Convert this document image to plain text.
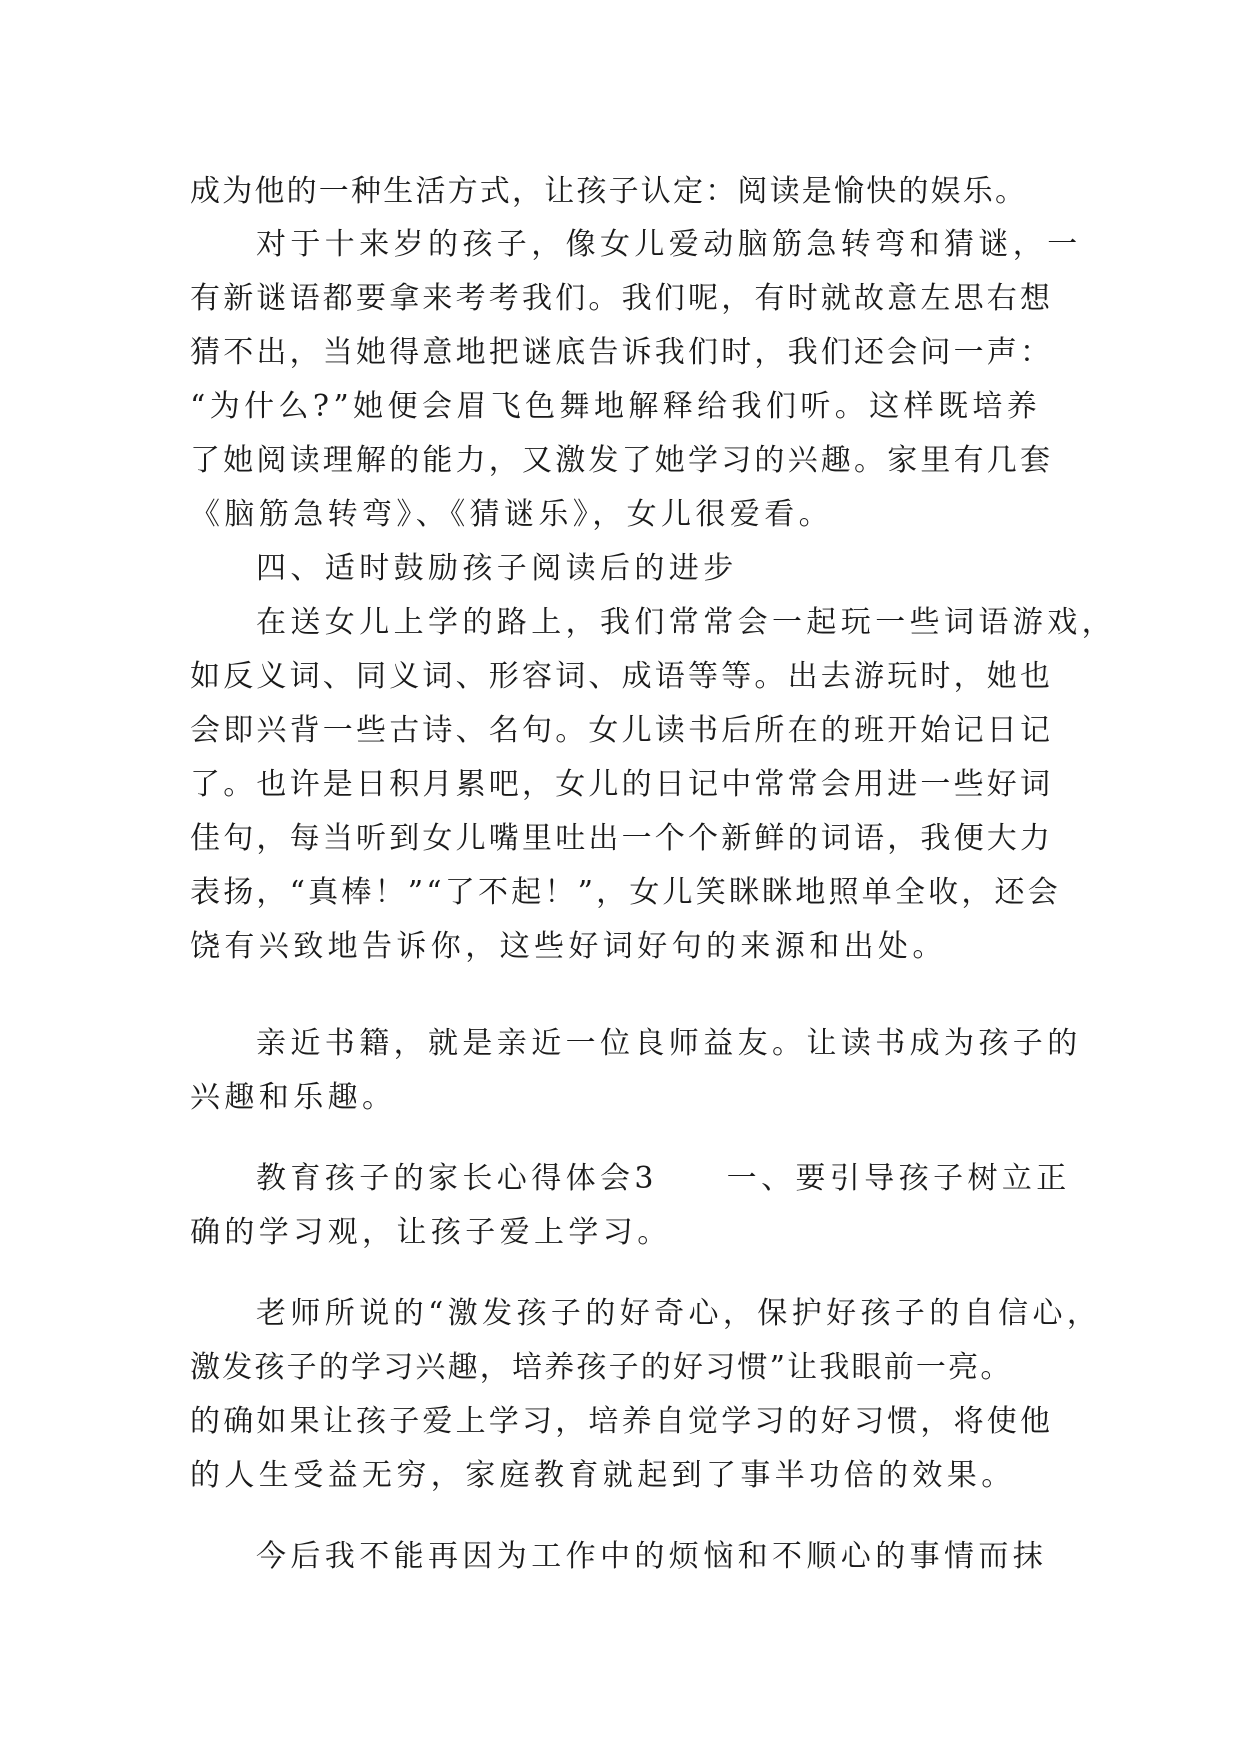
成为他的一种生活方式，让孩子认定：阅读是愉快的娱乐。
对于十来岁的孩子，像女儿爱动脑筋急转弯和猜谜，一
有新谜语都要拿来考考我们。我们呢，有时就故意左思右想
猜不出，当她得意地把谜底告诉我们时，我们还会问一声：
“为什么?”她便会眉飞色舞地解释给我们听。这样既培养
了她阅读理解的能力，又激发了她学习的兴趣。家里有几套
《脑筋急转弯》、《猜谜乐》，女儿很爱看。
四、适时鼓励孩子阅读后的进步
在送女儿上学的路上，我们常常会一起玩一些词语游戏，
如反义词、同义词、形容词、成语等等。出去游玩时，她也
会即兴背一些古诗、名句。女儿读书后所在的班开始记日记
了。也许是日积月累吧，女儿的日记中常常会用进一些好词
佳句，每当听到女儿嘴里吐出一个个新鲜的词语，我便大力
表扬，“真棒！”“了不起！”，女儿笑眯眯地照单全收，还会
饶有兴致地告诉你，这些好词好句的来源和出处。
亲近书籍，就是亲近一位良师益友。让读书成为孩子的
兴趣和乐趣。
教育孩子的家长心得体会3　　一、要引导孩子树立正
确的学习观，让孩子爱上学习。
老师所说的“激发孩子的好奇心，保护好孩子的自信心，
激发孩子的学习兴趣，培养孩子的好习惯”让我眼前一亮。
的确如果让孩子爱上学习，培养自觉学习的好习惯，将使他
的人生受益无穷，家庭教育就起到了事半功倍的效果。
今后我不能再因为工作中的烦恼和不顺心的事情而抹
